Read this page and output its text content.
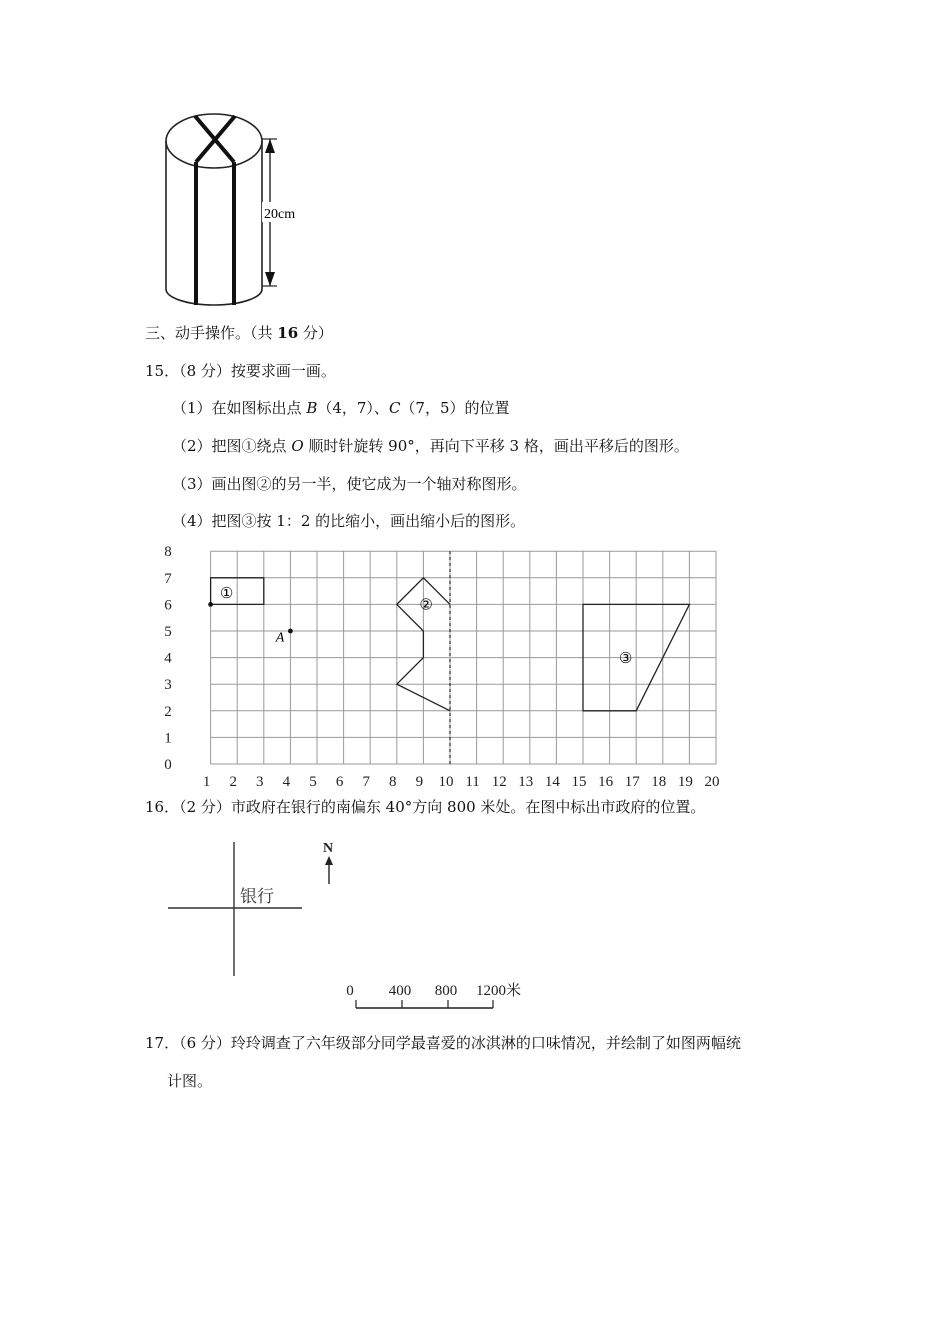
20cm
三、动手操作。（共 16 分）
15．（8 分）按要求画一画。
（1）在如图标出点 B（4，7）、C（7，5）的位置
（2）把图①绕点 O 顺时针旋转 90°，再向下平移 3 格，画出平移后的图形。
（3）画出图②的另一半，使它成为一个轴对称图形。
（4）把图③按 1：2 的比缩小，画出缩小后的图形。
1 2 3 4 5 6 7 8 9 10 11 12 13 14 15 16 17 18 19 20
0
1
2
3
4
5
6
7
8
①
A
②
③
16．（2 分）市政府在银行的南偏东 40°方向 800 米处。在图中标出市政府的位置。
银行
N
0 400 800 1200米
17．（6 分）玲玲调查了六年级部分同学最喜爱的冰淇淋的口味情况，并绘制了如图两幅统
计图。
